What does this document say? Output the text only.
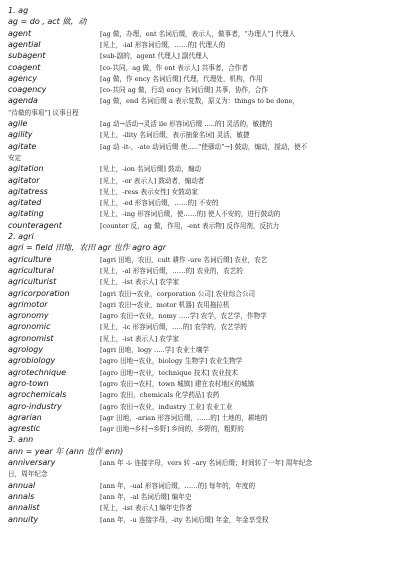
1. ag
ag = do , act 做，动
agent	[ag 做，办理，ent 名词后缀，表示人，做事者，“办理人”] 代理人
agential	[见上，-ial 形容词后缀，……的] 代理人的
subagent	[sub-副的，agent 代理人] 副代理人
coagent	[co-共同，ag 做，作 ent 表示人] 共事者，合作者
agency	[ag 做，作 ency 名词后缀] 代理，代理处，机构，作用
coagency	[co-共同 ag 做，行动 ency 名词后缀] 共事，协作，合作
agenda	[ag 做，end 名词后缀 a 表示复数，原义为：things to be done，
“待做的事项”] 议事日程
agile	[ag 动→活动→灵活 ile 形容词后缀 …..的] 灵活的，敏捷的
agility	[见上，-ility 名词后缀，表示抽象名词] 灵活，敏捷
agitate	[ag 动 -it-，-ate 动词后缀 使…..“使骚动”→] 鼓动，煽动，搅动，使不
安定
agitation	[见上，-ion 名词后缀] 鼓动，煽动
agitator	[见上，-or 表示人] 鼓动者，煽动者
agitatress	[见上，-ress 表示女性] 女鼓动家
agitated	[见上，-ed 形容词后缀，……的] 不安的
agitating	[见上，-ing 形容词后缀，使……的] 使人不安的，进行鼓动的
counteragent	[counter 反，ag 做，作用，-ent 表示物] 反作用剂，反抗力
2. agri
agri = field 田地，农田 agr 也作 agro agr
agriculture	[agri 田地，农田，cult 耕作 -ure 名词后缀] 农业，农艺
agricultural	[见上，-al 形容词后缀，……的] 农业的，农艺的
agriculturist	[见上，-ist 表示人] 农学家
agricorporation	[agri 农田→农业，corporation 公司] 农业综合公司
agrimotor	[agri 农田→农业，motor 机器] 农用拖拉机
agronomy	[agro 农田→农业，nomy …..学] 农学，农艺学，作物学
agronomic	[见上，-ic 形容词后缀，…..的] 农学的，农艺学的
agronomist	[见上，-ist 表示人] 农学家
agrology	[agri 田地，logy …..学] 农业土壤学
agrobiology	[agro 田地→农业，biology 生物学] 农业生物学
agrotechnique	[agro 田地→农业，technique 技术] 农业技术
agro-town	[agro 农田→农村，town 城镇] 建在农村地区的城镇
agrochemicals	[agro 农田，chemicals 化学药品] 农药
agro-industry	[agro 农田→农业，industry 工业] 农业工业
agrarian	[agr 田地，-arian 形容词后缀，……的] 土地的，耕地的
agrestic	[agr 田地→乡村→乡野] 乡间的，乡野的，粗野的
3. ann
ann = year 年 (ann 也作 enn)
anniversary	[ann 年 -i- 连接字母，vers 转 –ary 名词后缀；时间转了一年] 周年纪念
日，周年纪念
annual	[ann 年，-ual 形容词后缀，……的] 每年的，年度的
annals	[ann 年，-al 名词后缀] 编年史
annalist	[见上，-ist 表示人] 编年史作者
annuity	[ann 年，-u 连接字母，-ity 名词后缀] 年金，年金享受权
